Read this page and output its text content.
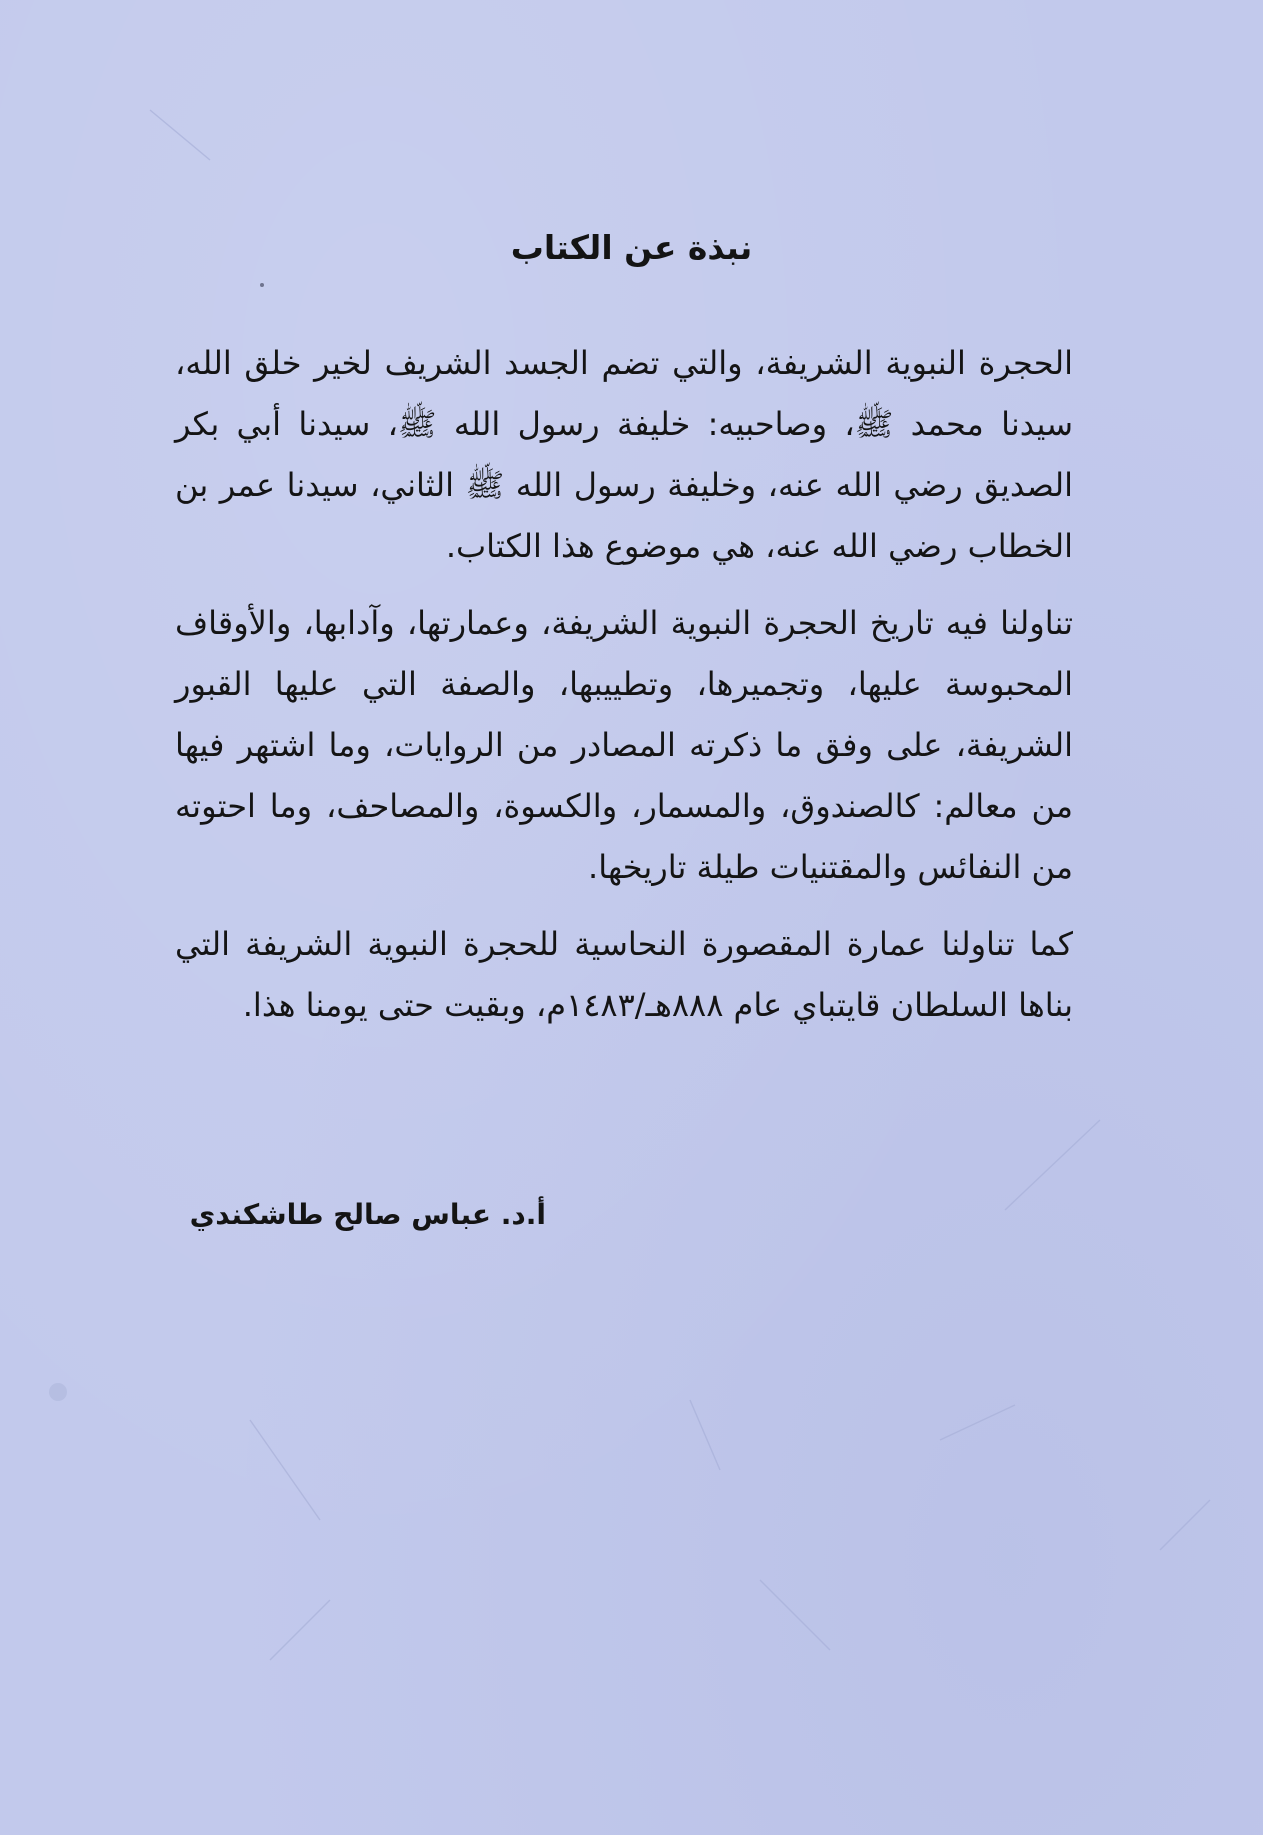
نبذة عن الكتاب

الحجرة النبوية الشريفة، والتي تضم الجسد الشريف لخير خلق الله، سيدنا محمد ﷺ، وصاحبيه: خليفة رسول الله ﷺ، سيدنا أبي بكر الصديق رضي الله عنه، وخليفة رسول الله ﷺ الثاني، سيدنا عمر بن الخطاب رضي الله عنه، هي موضوع هذا الكتاب.

تناولنا فيه تاريخ الحجرة النبوية الشريفة، وعمارتها، وآدابها، والأوقاف المحبوسة عليها، وتجميرها، وتطييبها، والصفة التي عليها القبور الشريفة، على وفق ما ذكرته المصادر من الروايات، وما اشتهر فيها من معالم: كالصندوق، والمسمار، والكسوة، والمصاحف، وما احتوته من النفائس والمقتنيات طيلة تاريخها.

كما تناولنا عمارة المقصورة النحاسية للحجرة النبوية الشريفة التي بناها السلطان قايتباي عام ٨٨٨هـ/١٤٨٣م، وبقيت حتى يومنا هذا.

أ.د. عباس صالح طاشكندي
